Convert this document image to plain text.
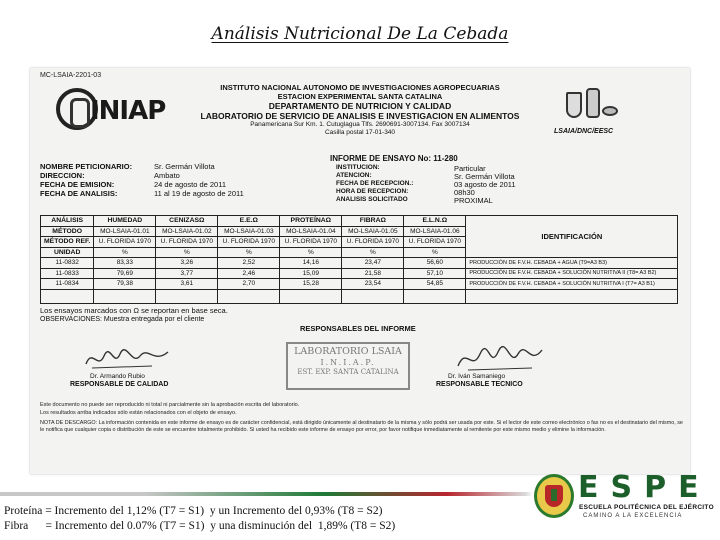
Análisis Nutricional De La Cebada
MC-LSAIA-2201-03
INIAP
INSTITUTO NACIONAL AUTONOMO DE INVESTIGACIONES AGROPECUARIAS
ESTACION EXPERIMENTAL SANTA CATALINA
DEPARTAMENTO DE NUTRICION Y CALIDAD
LABORATORIO DE SERVICIO DE ANALISIS E INVESTIGACION EN ALIMENTOS
Panamericana Sur Km. 1. Cutuglagua Tlfs. 2690691-3007134. Fax 3007134
Casilla postal 17-01-340	LSAIA/DNC/EESC
INFORME DE ENSAYO No: 11-280
NOMBRE PETICIONARIO:	Sr. Germán Villota
DIRECCION:	Ambato
FECHA DE EMISION:	24 de agosto de 2011
FECHA DE ANALISIS:	11 al 19 de agosto de 2011
INSTITUCION:	Particular
ATENCION:	Sr. Germán Villota
FECHA DE RECEPCION.:	03 agosto de 2011
HORA DE RECEPCION:	08h30
ANALISIS SOLICITADO	PROXIMAL
ANÁLISIS	HUMEDAD	CENIZASΩ	E.E.Ω	PROTEÍNAΩ	FIBRAΩ	E.L.N.Ω	IDENTIFICACIÓN
MÉTODO	MO-LSAIA-01.01	MO-LSAIA-01.02	MO-LSAIA-01.03	MO-LSAIA-01.04	MO-LSAIA-01.05	MO-LSAIA-01.06	
MÉTODO REF.	U. FLORIDA 1970	U. FLORIDA 1970	U. FLORIDA 1970	U. FLORIDA 1970	U. FLORIDA 1970	U. FLORIDA 1970	
UNIDAD	%	%	%	%	%	%	
11-0832	83,33	3,26	2,52	14,16	23,47	56,60	PRODUCCIÓN DE F.V.H. CEBADA + AGUA (T9=A3 B3)
11-0833	79,69	3,77	2,46	15,09	21,58	57,10	PRODUCCIÓN DE F.V.H. CEBADA + SOLUCIÓN NUTRITIVA II (T8= A3 B2)
11-0834	79,38	3,61	2,70	15,28	23,54	54,85	PRODUCCIÓN DE F.V.H. CEBADA + SOLUCIÓN NUTRITIVA I (T7= A3 B1)

Los ensayos marcados con Ω se reportan en base seca.
OBSERVACIONES: Muestra entregada por el cliente
RESPONSABLES DEL INFORME
LABORATORIO LSAIA
I.N.I.A.P.
EST. EXP. SANTA CATALINA
Dr. Armando Rubio
RESPONSABLE DE CALIDAD
Dr. Iván Samaniego
RESPONSABLE TECNICO
Este documento no puede ser reproducido ni total ni parcialmente sin la aprobación escrita del laboratorio.
Los resultados arriba indicados sólo están relacionados con el objeto de ensayo.
NOTA DE DESCARGO: La información contenida en este informe de ensayo es de carácter confidencial, está dirigido únicamente al destinatario de la misma y sólo podrá ser usada por este. Si el lector de este correo electrónico o fax no es el destinatario del mismo, se le notifica que cualquier copia o distribución de este se encuentre totalmente prohibido. Si usted ha recibido este informe de ensayo por error, por favor notifique inmediatamente al remitente por este mismo medio y elimine la información.
Proteína = Incremento del 1,12% (T7 = S1)  y un Incremento del 0,93% (T8 = S2)
Fibra      = Incremento del 0.07% (T7 = S1)  y una disminución del  1,89% (T8 = S2)
ESPE
ESCUELA POLITÉCNICA DEL EJÉRCITO
CAMINO A LA EXCELENCIA
